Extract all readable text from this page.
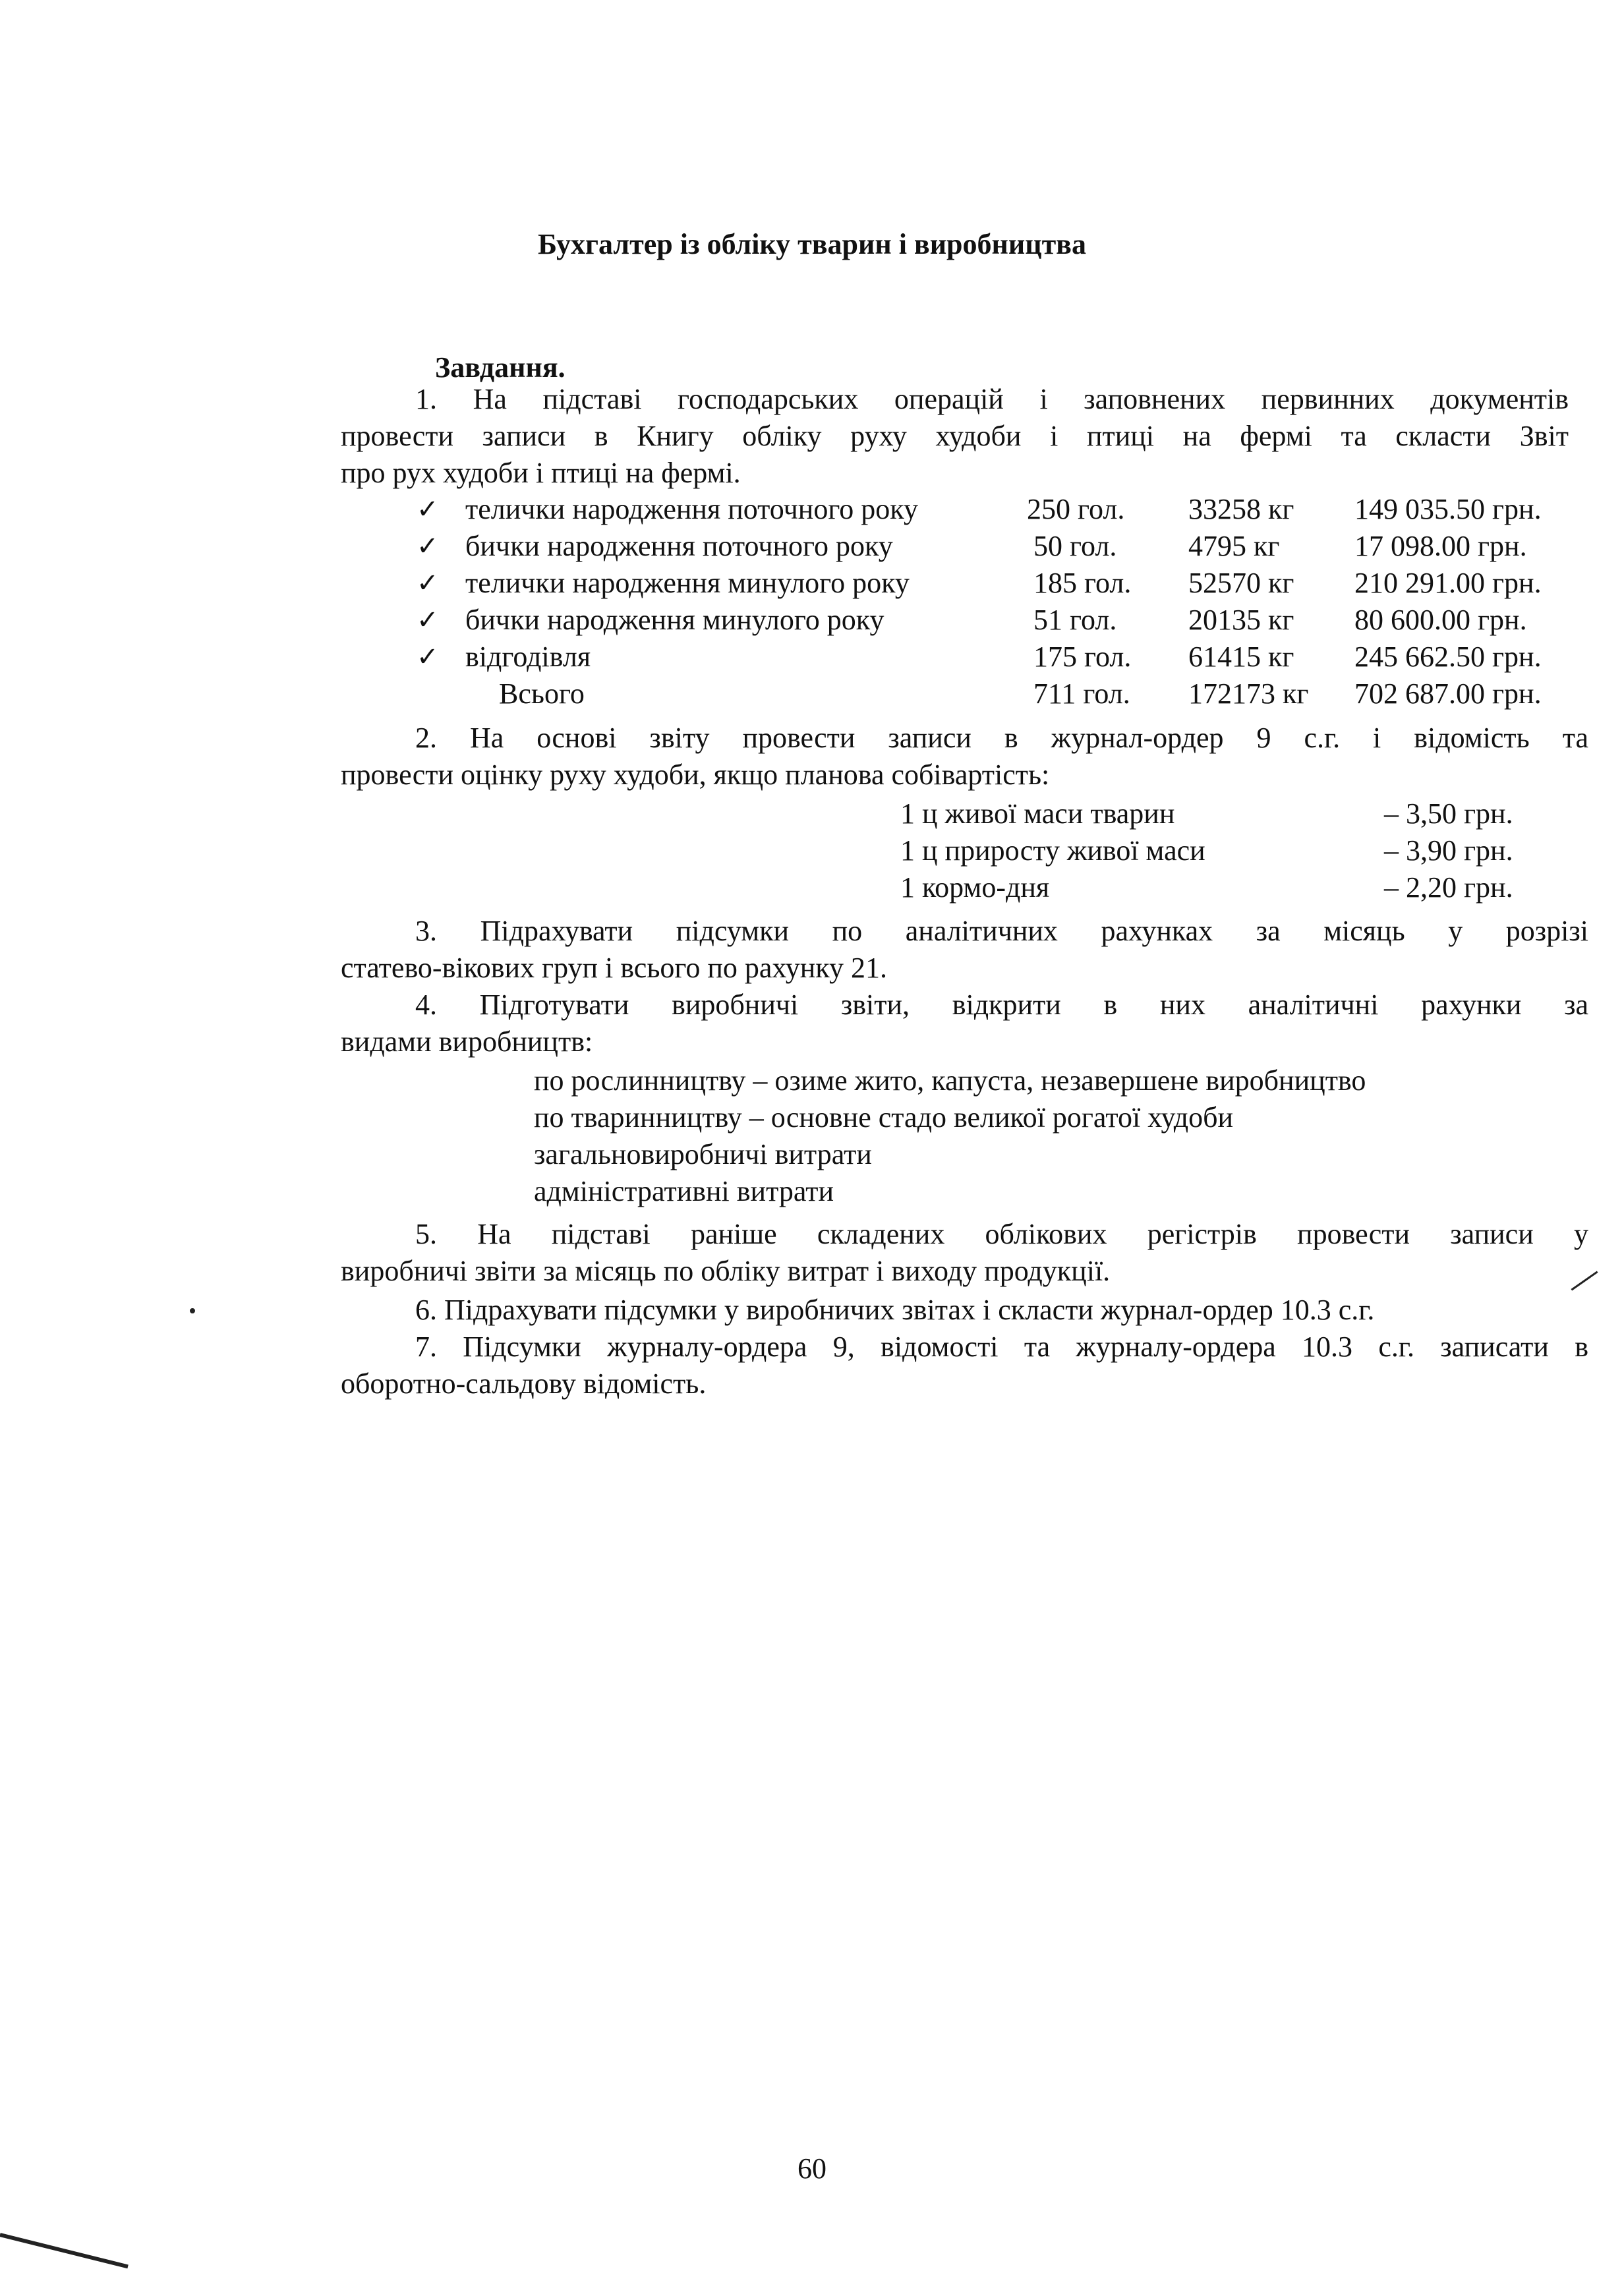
Бухгалтер із обліку тварин і виробництва
Завдання.
1. На підставі господарських операцій і заповнених первинних документів
провести записи в Книгу обліку руху худоби і птиці на фермі та скласти Звіт
про рух худоби і птиці на фермі.
✓ телички народження поточного року	250 гол. 33258 кг 149 035.50 грн.
✓ бички народження поточного року	50 гол. 4795 кг	17 098.00 грн.
✓ телички народження минулого року	185 гол. 52570 кг 210 291.00 грн.
✓ бички народження минулого року	51 гол. 20135 кг 80 600.00 грн.
✓ відгодівля	175 гол. 61415 кг 245 662.50 грн.
Всього	711 гол. 172173 кг 702 687.00 грн.
2. На основі звіту провести записи в журнал-ордер 9 с.г. і відомість та
провести оцінку руху худоби, якщо планова собівартість:
1 ц живої маси тварин	– 3,50 грн.
1 ц приросту живої маси	– 3,90 грн.
1 кормо-дня	– 2,20 грн.
3. Підрахувати підсумки по аналітичних рахунках за місяць у розрізі
статево-вікових груп і всього по рахунку 21.
4. Підготувати виробничі звіти, відкрити в них аналітичні рахунки за
видами виробництв:
по рослинництву – озиме жито, капуста, незавершене виробництво
по тваринництву – основне стадо великої рогатої худоби
загальновиробничі витрати
адміністративні витрати
5. На підставі раніше складених облікових регістрів провести записи у
виробничі звіти за місяць по обліку витрат і виходу продукції.
6. Підрахувати підсумки у виробничих звітах і скласти журнал-ордер 10.3 с.г.
7. Підсумки журналу-ордера 9, відомості та журналу-ордера 10.3 с.г. записати в
оборотно-сальдову відомість.
60
